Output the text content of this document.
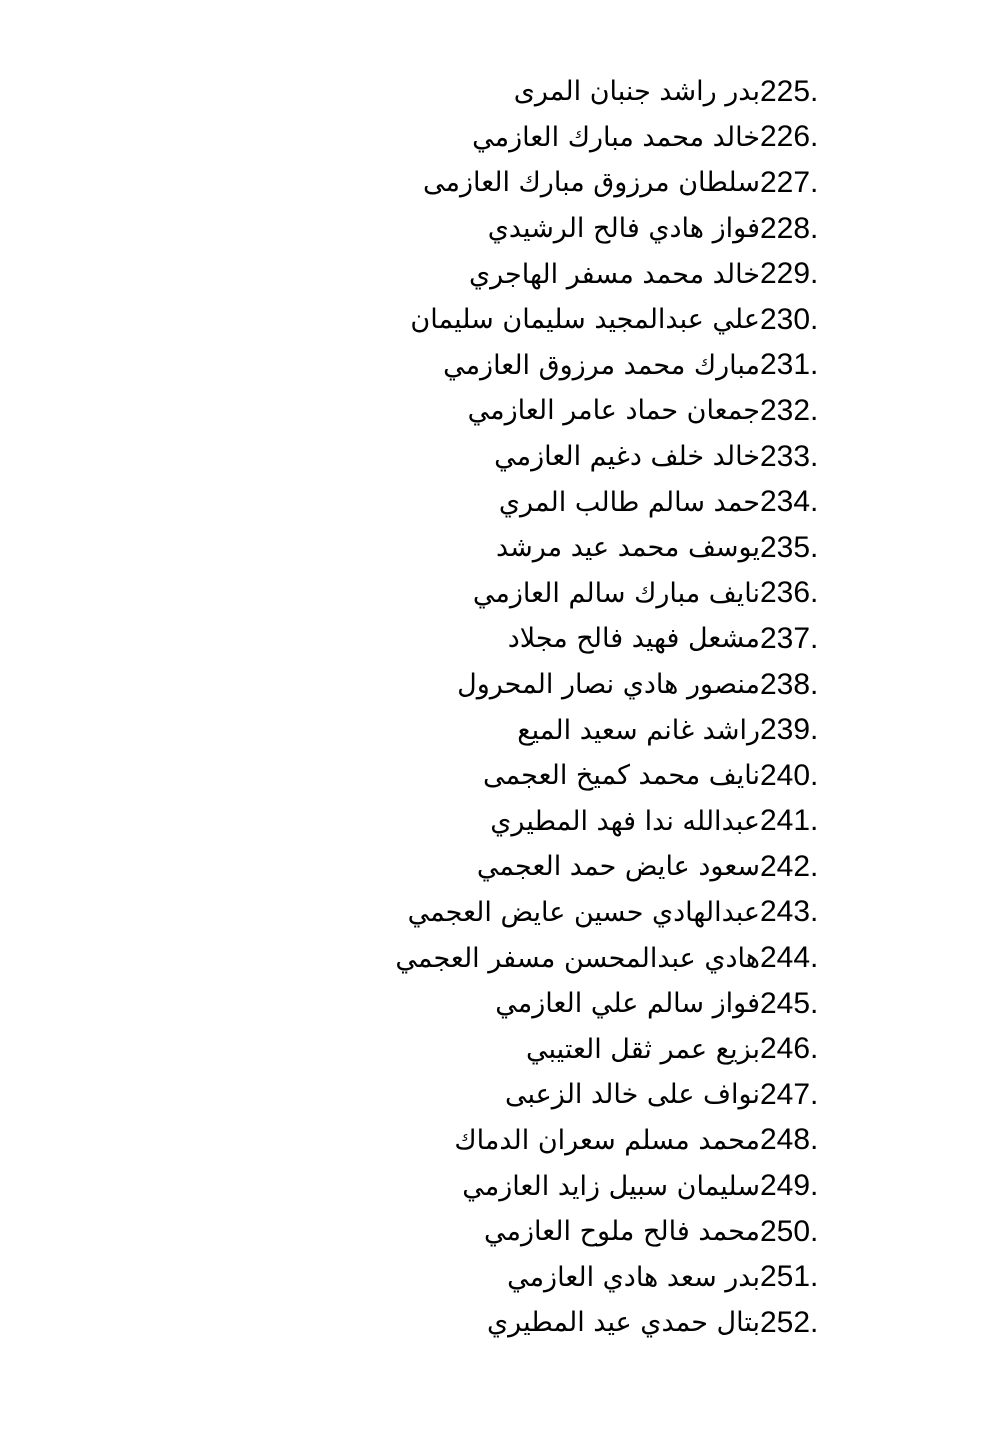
225.
بدر راشد جنبان المرى
226.
خالد محمد مبارك العازمي
227.
سلطان مرزوق مبارك العازمى
228.
فواز هادي فالح الرشيدي
229.
خالد محمد مسفر الهاجري
230.
علي عبدالمجيد سليمان سليمان
231.
مبارك محمد مرزوق العازمي
232.
جمعان حماد عامر العازمي
233.
خالد خلف دغيم العازمي
234.
حمد سالم طالب المري
235.
يوسف محمد عيد مرشد
236.
نايف مبارك سالم العازمي
237.
مشعل فهيد فالح مجلاد
238.
منصور هادي نصار المحرول
239.
راشد غانم سعيد الميع
240.
نايف محمد كميخ العجمى
241.
عبدالله ندا فهد المطيري
242.
سعود عايض حمد العجمي
243.
عبدالهادي حسين عايض العجمي
244.
هادي عبدالمحسن مسفر العجمي
245.
فواز سالم علي العازمي
246.
بزيع عمر ثقل العتيبي
247.
نواف على خالد الزعبى
248.
محمد مسلم سعران الدماك
249.
سليمان سبيل زايد العازمي
250.
محمد فالح ملوح العازمي
251.
بدر سعد هادي العازمي
252.
بتال حمدي عيد المطيري
